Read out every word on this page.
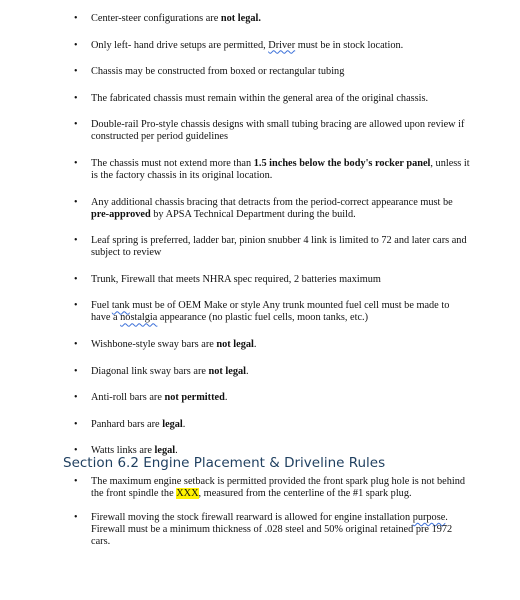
• Center-steer configurations are not legal.
• Only left- hand drive setups are permitted, Driver must be in stock location.
• Chassis may be constructed from boxed or rectangular tubing
• The fabricated chassis must remain within the general area of the original chassis.
• Double-rail Pro-style chassis designs with small tubing bracing are allowed upon review if constructed per period guidelines
• The chassis must not extend more than 1.5 inches below the body's rocker panel, unless it is the factory chassis in its original location.
• Any additional chassis bracing that detracts from the period-correct appearance must be pre-approved by APSA Technical Department during the build.
• Leaf spring is preferred, ladder bar, pinion snubber 4 link is limited to 72 and later cars and subject to review
• Trunk, Firewall that meets NHRA spec required, 2 batteries maximum
• Fuel tank must be of OEM Make or style Any trunk mounted fuel cell must be made to have a nostalgia appearance (no plastic fuel cells, moon tanks, etc.)
• Wishbone-style sway bars are not legal.
• Diagonal link sway bars are not legal.
• Anti-roll bars are not permitted.
• Panhard bars are legal.
• Watts links are legal.
Section 6.2 Engine Placement & Driveline Rules
• The maximum engine setback is permitted provided the front spark plug hole is not behind the front spindle the XXX, measured from the centerline of the #1 spark plug.
• Firewall moving the stock firewall rearward is allowed for engine installation purpose. Firewall must be a minimum thickness of .028 steel and 50% original retained pre 1972 cars.
